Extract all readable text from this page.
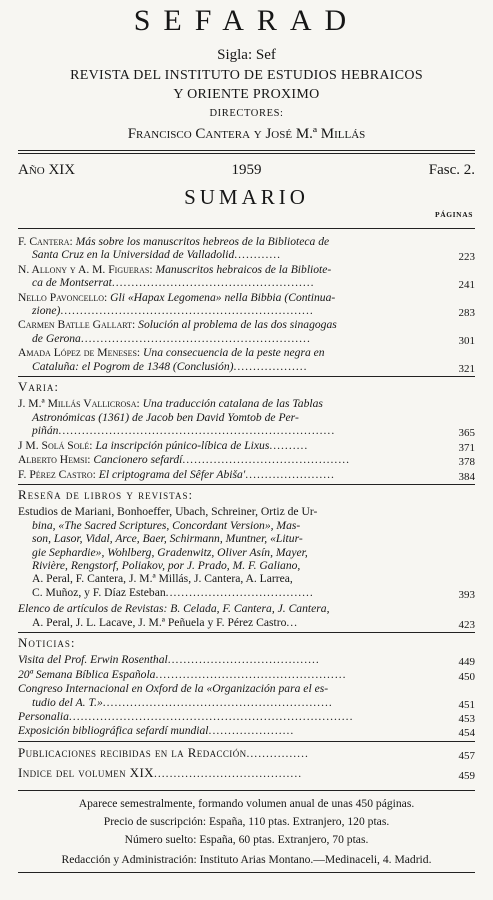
SEFARAD
Sigla: Sef
REVISTA DEL INSTITUTO DE ESTUDIOS HEBRAICOS
Y ORIENTE PROXIMO
DIRECTORES:
Francisco Cantera y José M.ª Millás
Año XIX	1959	Fasc. 2.
SUMARIO
PÁGINAS
F. Cantera: Más sobre los manuscritos hebreos de la Biblioteca de
Santa Cruz en la Universidad de Valladolid............	223
N. Allony y A. M. Figueras: Manuscritos hebraicos de la Bibliote-
ca de Montserrat....................................................	241
Nello Pavoncello: Gli «Hapax Legomena» nella Bibbia (Continua-
zione).................................................................	283
Carmen Batlle Gallart: Solución al problema de las dos sinagogas
de Gerona...........................................................	301
Amada López de Meneses: Una consecuencia de la peste negra en
Cataluña: el Pogrom de 1348 (Conclusión)...................	321
Varia:
J. M.ª Millás Vallicrosa: Una traducción catalana de las Tablas
Astronómicas (1361) de Jacob ben David Yomtob de Per-
piñán.......................................................................	365
J M. Solá Solé: La inscripción púnico-líbica de Lixus..........	371
Alberto Hemsi: Cancionero sefardí...........................................	378
F. Pérez Castro: El criptograma del Sêfer Abiša'.......................	384
Reseña de libros y revistas:
Estudios de Mariani, Bonhoeffer, Ubach, Schreiner, Ortiz de Ur-
bina, «The Sacred Scriptures, Concordant Version», Mas-
son, Lasor, Vidal, Arce, Baer, Schirmann, Muntner, «Litur-
gie Sephardie», Wohlberg, Gradenwitz, Oliver Asín, Mayer,
Rivière, Rengstorf, Poliakov, por J. Prado, M. F. Galiano,
A. Peral, F. Cantera, J. M.ª Millás, J. Cantera, A. Larrea,
C. Muñoz, y F. Díaz Esteban......................................	393
Elenco de artículos de Revistas: B. Celada, F. Cantera, J. Cantera,
A. Peral, J. L. Lacave, J. M.ª Peñuela y F. Pérez Castro...	423
Noticias:
Visita del Prof. Erwin Rosenthal.......................................	449
20ª Semana Bíblica Española.................................................	450
Congreso Internacional en Oxford de la «Organización para el es-
tudio del A. T.»...........................................................	451
Personalia.........................................................................	453
Exposición bibliográfica sefardí mundial......................	454
Publicaciones recibidas en la Redacción................	457
Indice del volumen XIX......................................	459
Aparece semestralmente, formando volumen anual de unas 450 páginas.
Precio de suscripción: España, 110 ptas. Extranjero, 120 ptas.
Número suelto: España, 60 ptas. Extranjero, 70 ptas.
Redacción y Administración: Instituto Arias Montano.—Medinaceli, 4. Madrid.
